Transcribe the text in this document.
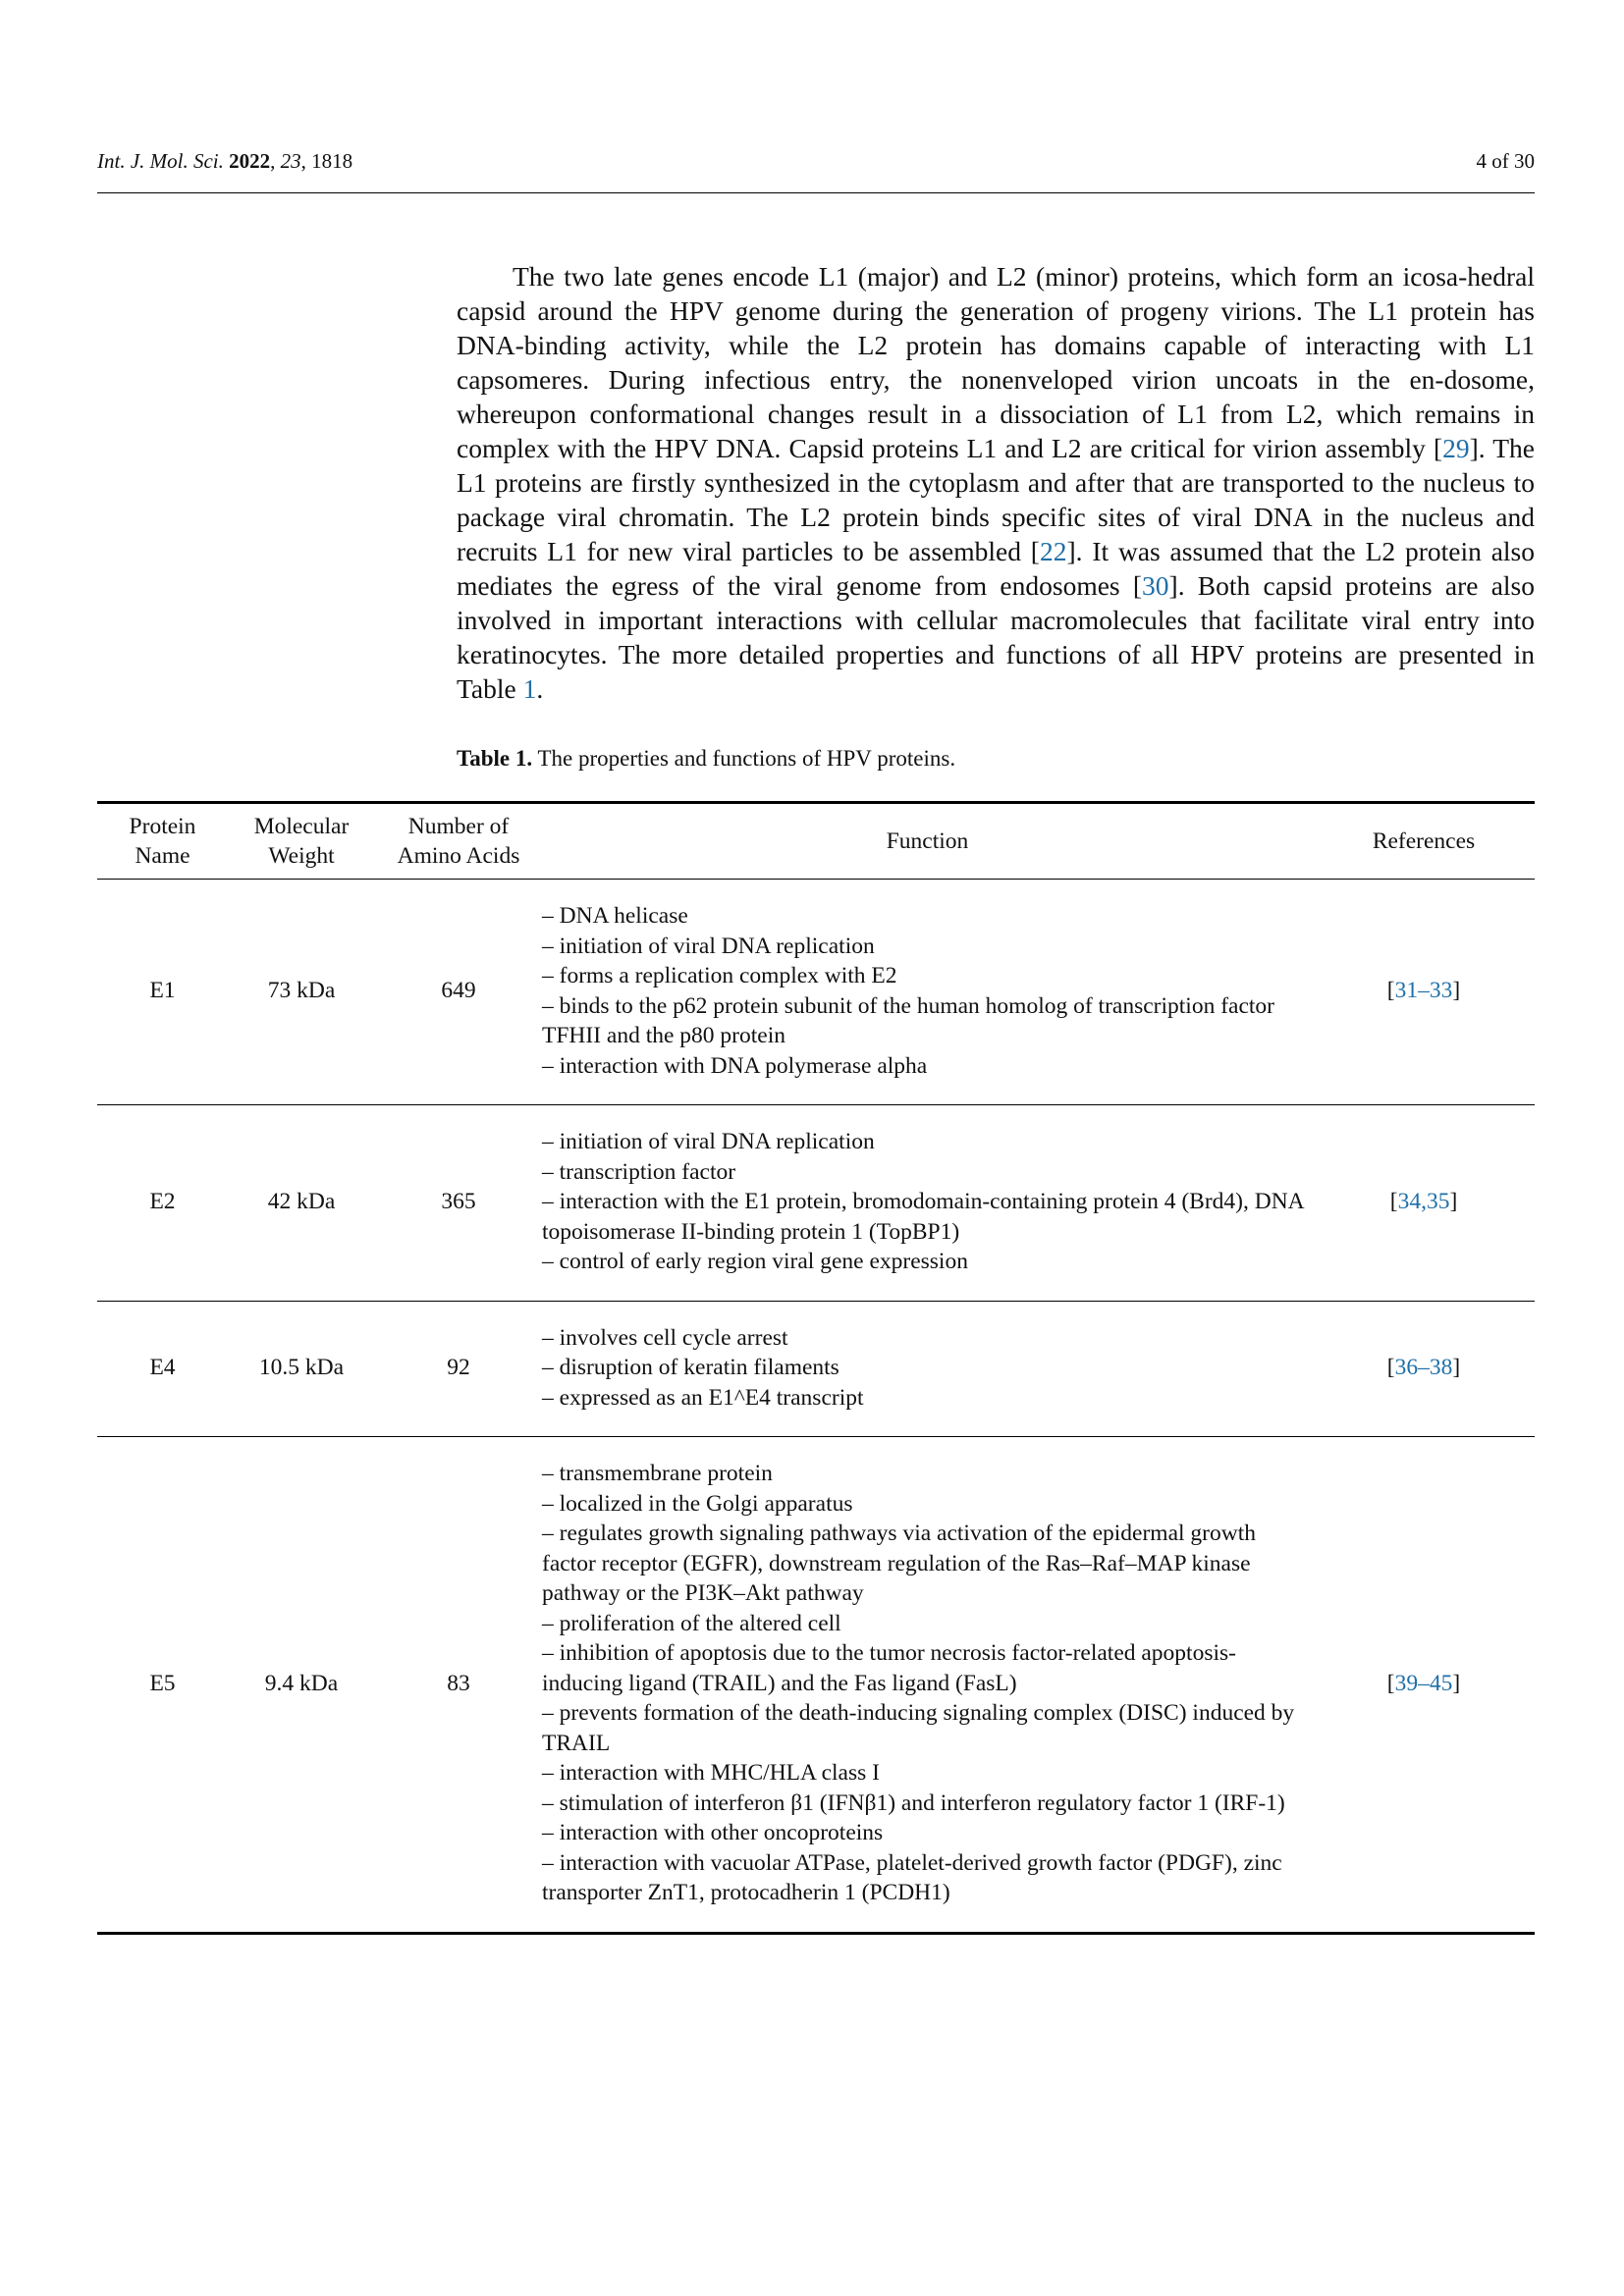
Int. J. Mol. Sci. 2022, 23, 1818	4 of 30

The two late genes encode L1 (major) and L2 (minor) proteins, which form an icosa-hedral capsid around the HPV genome during the generation of progeny virions. The L1 protein has DNA-binding activity, while the L2 protein has domains capable of interacting with L1 capsomeres. During infectious entry, the nonenveloped virion uncoats in the en-dosome, whereupon conformational changes result in a dissociation of L1 from L2, which remains in complex with the HPV DNA. Capsid proteins L1 and L2 are critical for virion assembly [29]. The L1 proteins are firstly synthesized in the cytoplasm and after that are transported to the nucleus to package viral chromatin. The L2 protein binds specific sites of viral DNA in the nucleus and recruits L1 for new viral particles to be assembled [22]. It was assumed that the L2 protein also mediates the egress of the viral genome from endosomes [30]. Both capsid proteins are also involved in important interactions with cellular macromolecules that facilitate viral entry into keratinocytes. The more detailed properties and functions of all HPV proteins are presented in Table 1.

Table 1. The properties and functions of HPV proteins.
Protein Name	Molecular Weight	Number of Amino Acids	Function	References
E1	73 kDa	649	– DNA helicase
– initiation of viral DNA replication
– forms a replication complex with E2
– binds to the p62 protein subunit of the human homolog of transcription factor TFHII and the p80 protein
– interaction with DNA polymerase alpha	[31–33]
E2	42 kDa	365	– initiation of viral DNA replication
– transcription factor
– interaction with the E1 protein, bromodomain-containing protein 4 (Brd4), DNA topoisomerase II-binding protein 1 (TopBP1)
– control of early region viral gene expression	[34,35]
E4	10.5 kDa	92	– involves cell cycle arrest
– disruption of keratin filaments
– expressed as an E1^E4 transcript	[36–38]
E5	9.4 kDa	83	
– transmembrane protein
– localized in the Golgi apparatus
– regulates growth signaling pathways via activation of the epidermal growth factor receptor (EGFR), downstream regulation of the Ras–Raf–MAP kinase pathway or the PI3K–Akt pathway
– proliferation of the altered cell
– inhibition of apoptosis due to the tumor necrosis factor-related apoptosis-inducing ligand (TRAIL) and the Fas ligand (FasL)
– prevents formation of the death-inducing signaling complex (DISC) induced by TRAIL
– interaction with MHC/HLA class I
– stimulation of interferon β1 (IFNβ1) and interferon regulatory factor 1 (IRF-1)
– interaction with other oncoproteins
– interaction with vacuolar ATPase, platelet-derived growth factor (PDGF), zinc transporter ZnT1, protocadherin 1 (PCDH1)
	[39–45]
